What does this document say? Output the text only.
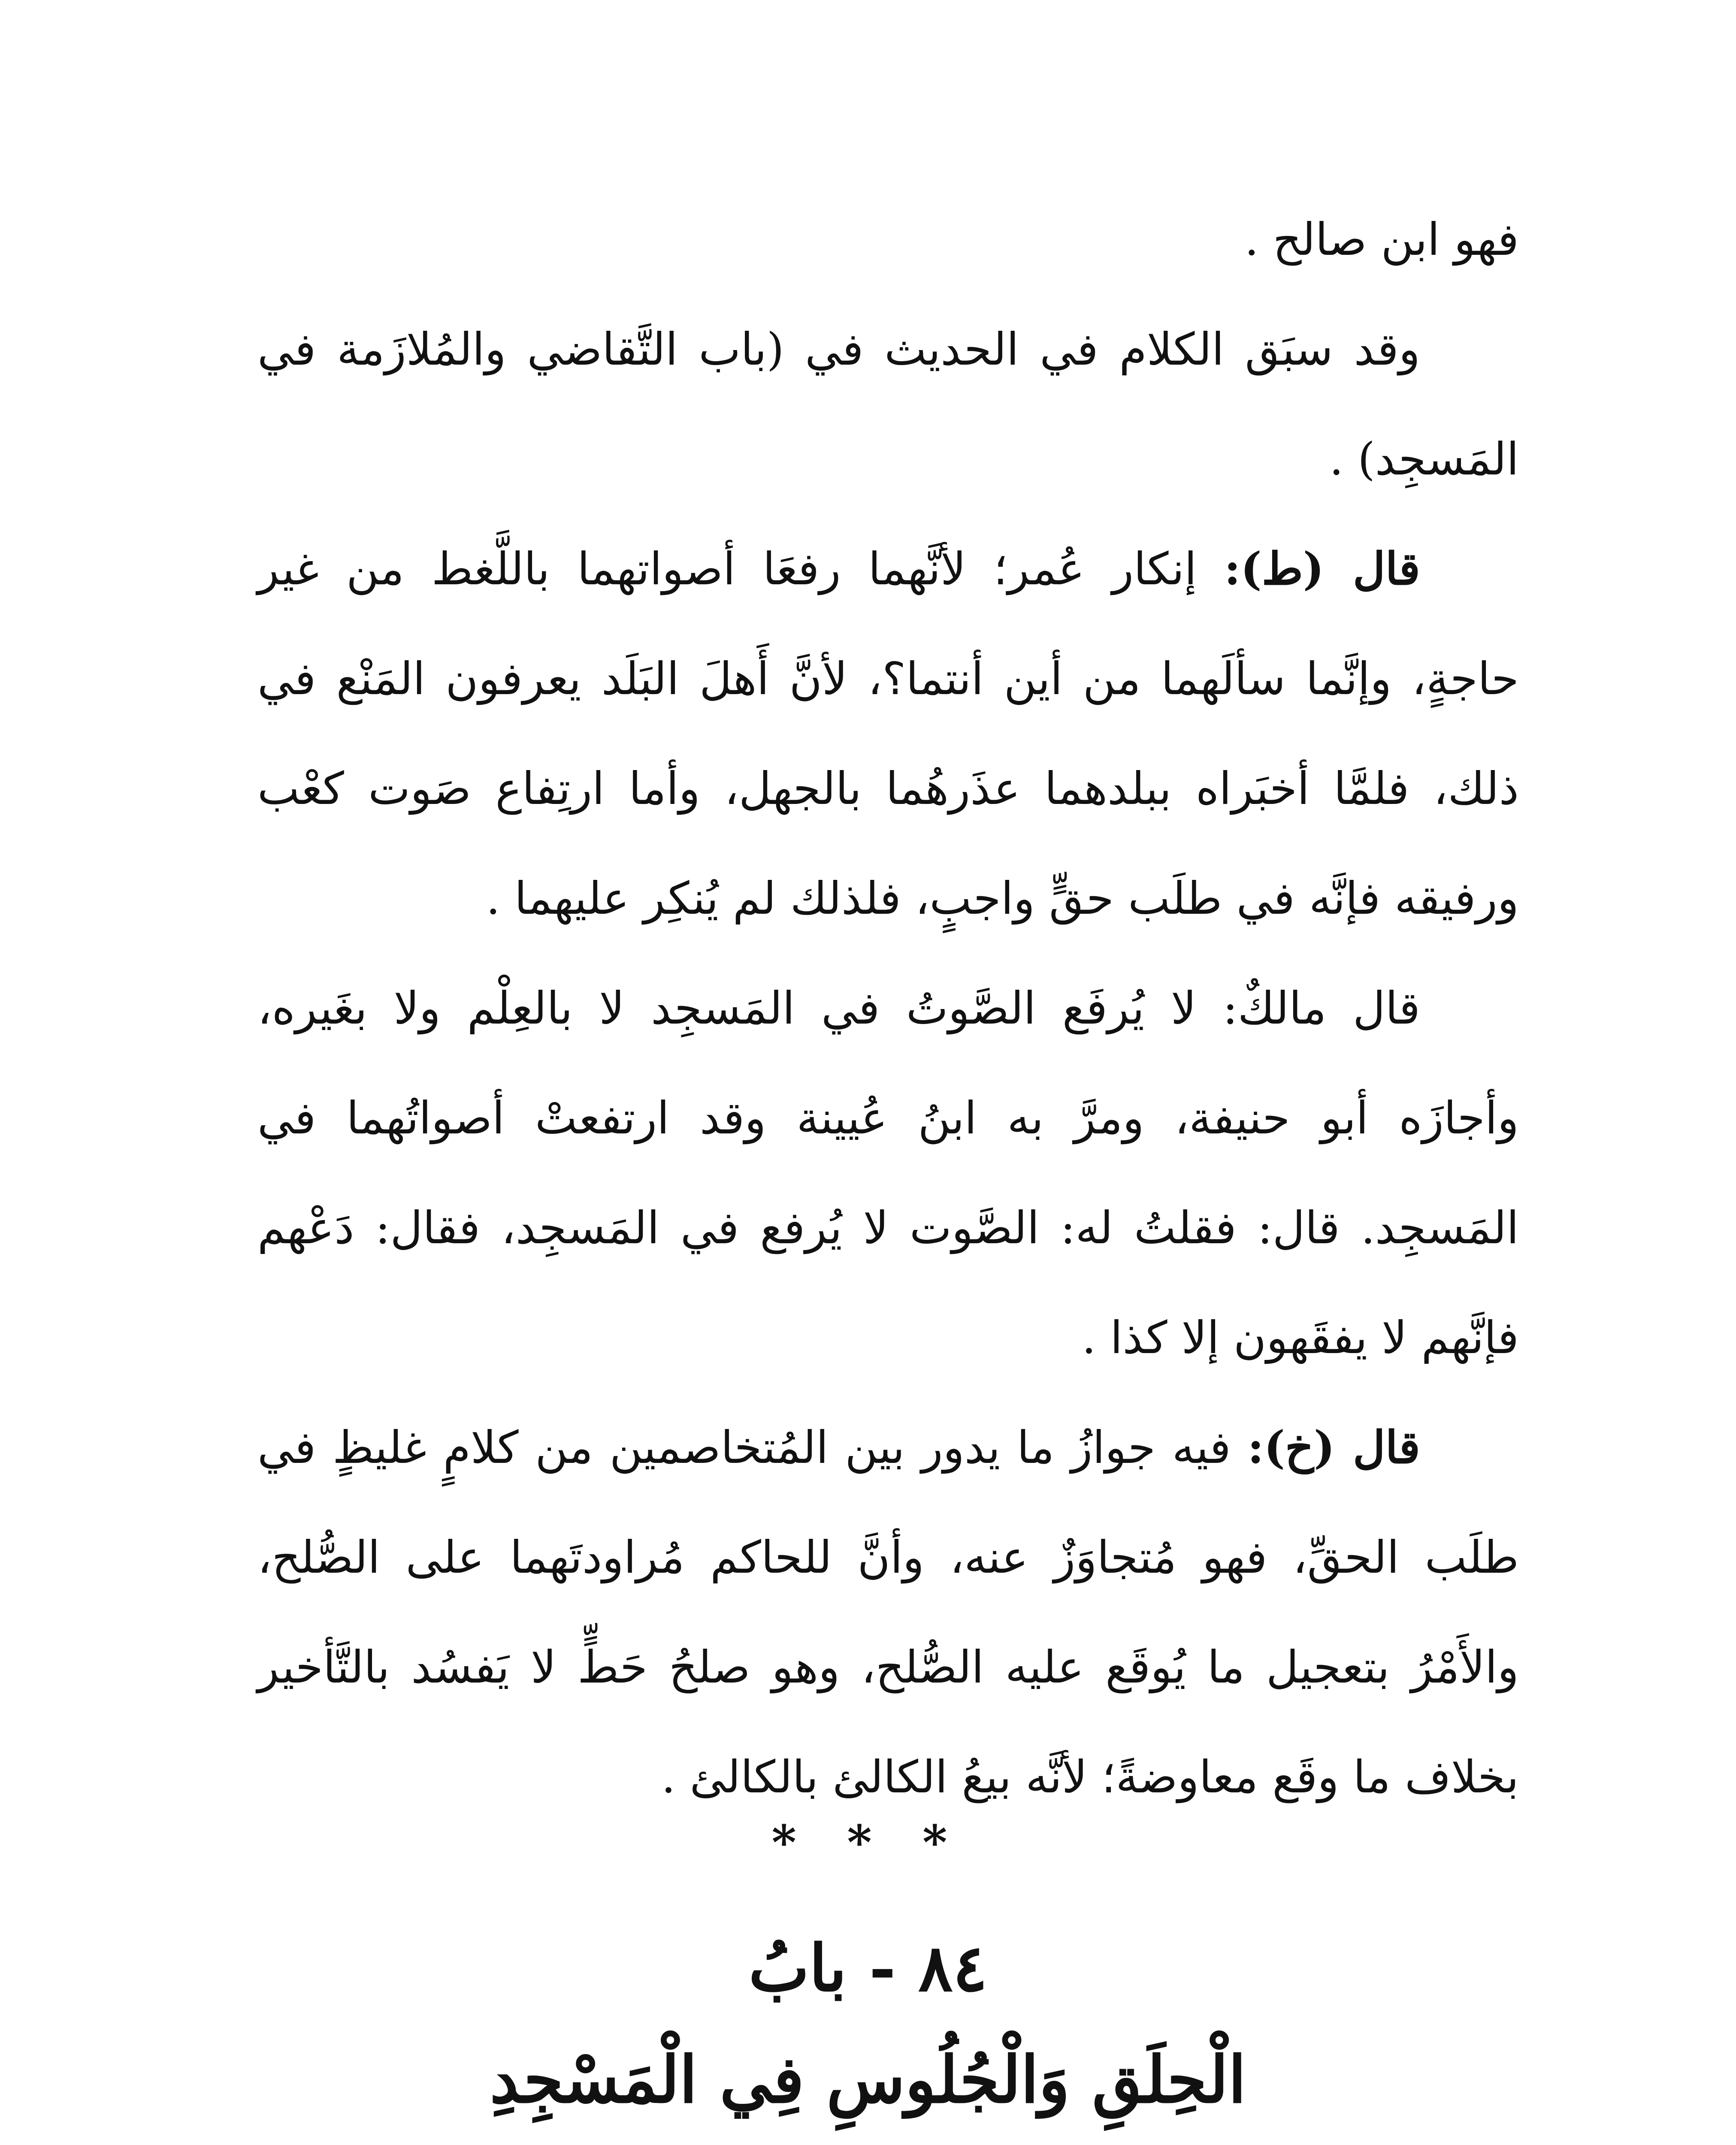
فهو ابن صالح .

وقد سبَق الكلام في الحديث في (باب التَّقاضي والمُلازَمة في المَسجِد) .

قال (ط): إنكار عُمر؛ لأنَّهما رفعَا أصواتهما باللَّغط من غير حاجةٍ، وإنَّما سألَهما من أين أنتما؟، لأنَّ أَهلَ البَلَد يعرفون المَنْع في ذلك، فلمَّا أخبَراه ببلدهما عذَرهُما بالجهل، وأما ارتِفاع صَوت كعْب ورفيقه فإنَّه في طلَب حقٍّ واجبٍ، فلذلك لم يُنكِر عليهما .

قال مالكٌ: لا يُرفَع الصَّوتُ في المَسجِد لا بالعِلْم ولا بغَيره، وأجازَه أبو حنيفة، ومرَّ به ابنُ عُيينة وقد ارتفعتْ أصواتُهما في المَسجِد. قال: فقلتُ له: الصَّوت لا يُرفع في المَسجِد، فقال: دَعْهم فإنَّهم لا يفقَهون إلا كذا .

قال (خ): فيه جوازُ ما يدور بين المُتخاصمين من كلامٍ غليظٍ في طلَب الحقِّ، فهو مُتجاوَزٌ عنه، وأنَّ للحاكم مُراودتَهما على الصُّلح، والأَمْرُ بتعجيل ما يُوقَع عليه الصُّلح، وهو صلحُ حَطٍّ لا يَفسُد بالتَّأخير بخلاف ما وقَع معاوضةً؛ لأنَّه بيعُ الكالئ بالكالئ .

* * *
٨٤ - بابُ
الْحِلَقِ وَالْجُلُوسِ فِي الْمَسْجِدِ
